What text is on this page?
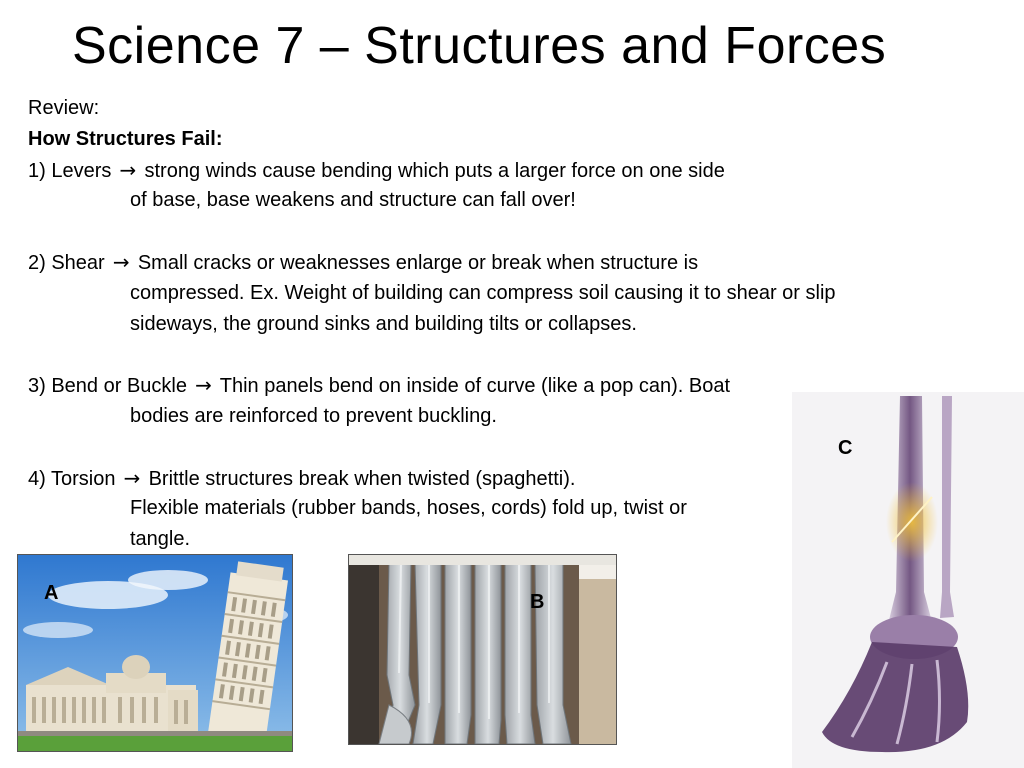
Science 7 – Structures and Forces
Review:
How Structures Fail:
1) Levers → strong winds cause bending which puts a larger force on one side
of base, base weakens and structure can fall over!
2) Shear → Small cracks or weaknesses enlarge or break when structure is
compressed. Ex. Weight of building can compress soil causing it to shear or slip
sideways, the ground sinks and building tilts or collapses.
3) Bend or Buckle → Thin panels bend on inside of curve (like a pop can). Boat
bodies are reinforced to prevent buckling.
4) Torsion → Brittle structures break when twisted (spaghetti).
Flexible materials (rubber bands, hoses, cords) fold up, twist or
tangle.
A	B
C
